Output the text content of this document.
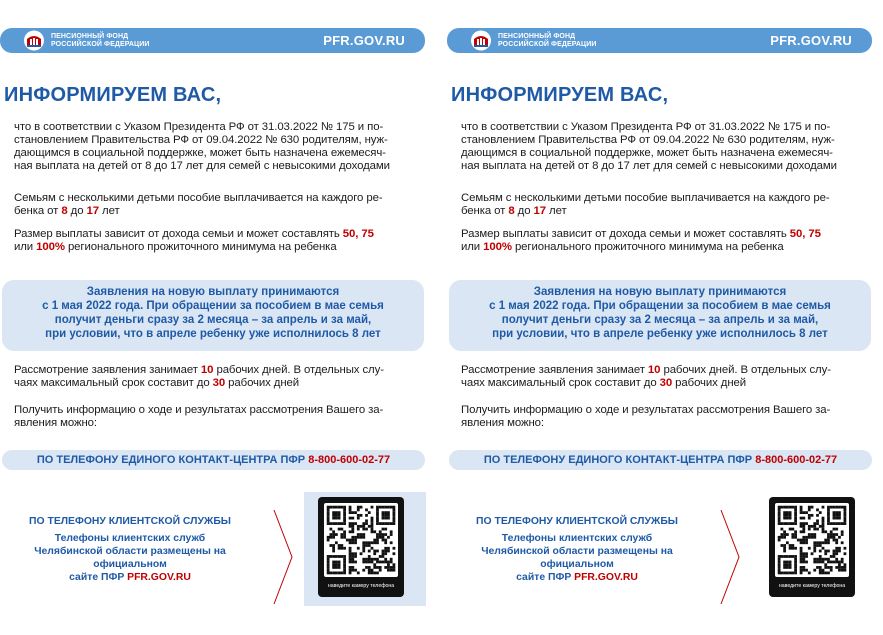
ПЕНСИОННЫЙ ФОНД
РОССИЙСКОЙ ФЕДЕРАЦИИ	PFR.GOV.RU
ИНФОРМИРУЕМ ВАС,
что в соответствии с Указом Президента РФ от 31.03.2022 № 175 и по-
становлением Правительства РФ от 09.04.2022 № 630 родителям, нуж-
дающимся в социальной поддержке, может быть назначена ежемесяч-
ная выплата на детей от 8 до 17 лет для семей с невысокими доходами
Семьям с несколькими детьми пособие выплачивается на каждого ре-
бенка от 8 до 17 лет
Размер выплаты зависит от дохода семьи и может составлять 50, 75
или 100% регионального прожиточного минимума на ребенка
Заявления на новую выплату принимаются
с 1 мая 2022 года. При обращении за пособием в мае семья
получит деньги сразу за 2 месяца – за апрель и за май,
при условии, что в апреле ребенку уже исполнилось 8 лет
Рассмотрение заявления занимает 10 рабочих дней. В отдельных слу-
чаях максимальный срок составит до 30 рабочих дней
Получить информацию о ходе и результатах рассмотрения Вашего за-
явления можно:
ПО ТЕЛЕФОНУ ЕДИНОГО КОНТАКТ-ЦЕНТРА ПФР 8-800-600-02-77
ПО ТЕЛЕФОНУ КЛИЕНТСКОЙ СЛУЖБЫ
Телефоны клиентских служб
Челябинской области размещены на
официальном
сайте ПФР PFR.GOV.RU
наведите камеру телефона
ПЕНСИОННЫЙ ФОНД
РОССИЙСКОЙ ФЕДЕРАЦИИ	PFR.GOV.RU
ИНФОРМИРУЕМ ВАС,
что в соответствии с Указом Президента РФ от 31.03.2022 № 175 и по-
становлением Правительства РФ от 09.04.2022 № 630 родителям, нуж-
дающимся в социальной поддержке, может быть назначена ежемесяч-
ная выплата на детей от 8 до 17 лет для семей с невысокими доходами
Семьям с несколькими детьми пособие выплачивается на каждого ре-
бенка от 8 до 17 лет
Размер выплаты зависит от дохода семьи и может составлять 50, 75
или 100% регионального прожиточного минимума на ребенка
Заявления на новую выплату принимаются
с 1 мая 2022 года. При обращении за пособием в мае семья
получит деньги сразу за 2 месяца – за апрель и за май,
при условии, что в апреле ребенку уже исполнилось 8 лет
Рассмотрение заявления занимает 10 рабочих дней. В отдельных слу-
чаях максимальный срок составит до 30 рабочих дней
Получить информацию о ходе и результатах рассмотрения Вашего за-
явления можно:
ПО ТЕЛЕФОНУ ЕДИНОГО КОНТАКТ-ЦЕНТРА ПФР 8-800-600-02-77
ПО ТЕЛЕФОНУ КЛИЕНТСКОЙ СЛУЖБЫ
Телефоны клиентских служб
Челябинской области размещены на
официальном
сайте ПФР PFR.GOV.RU
наведите камеру телефона
